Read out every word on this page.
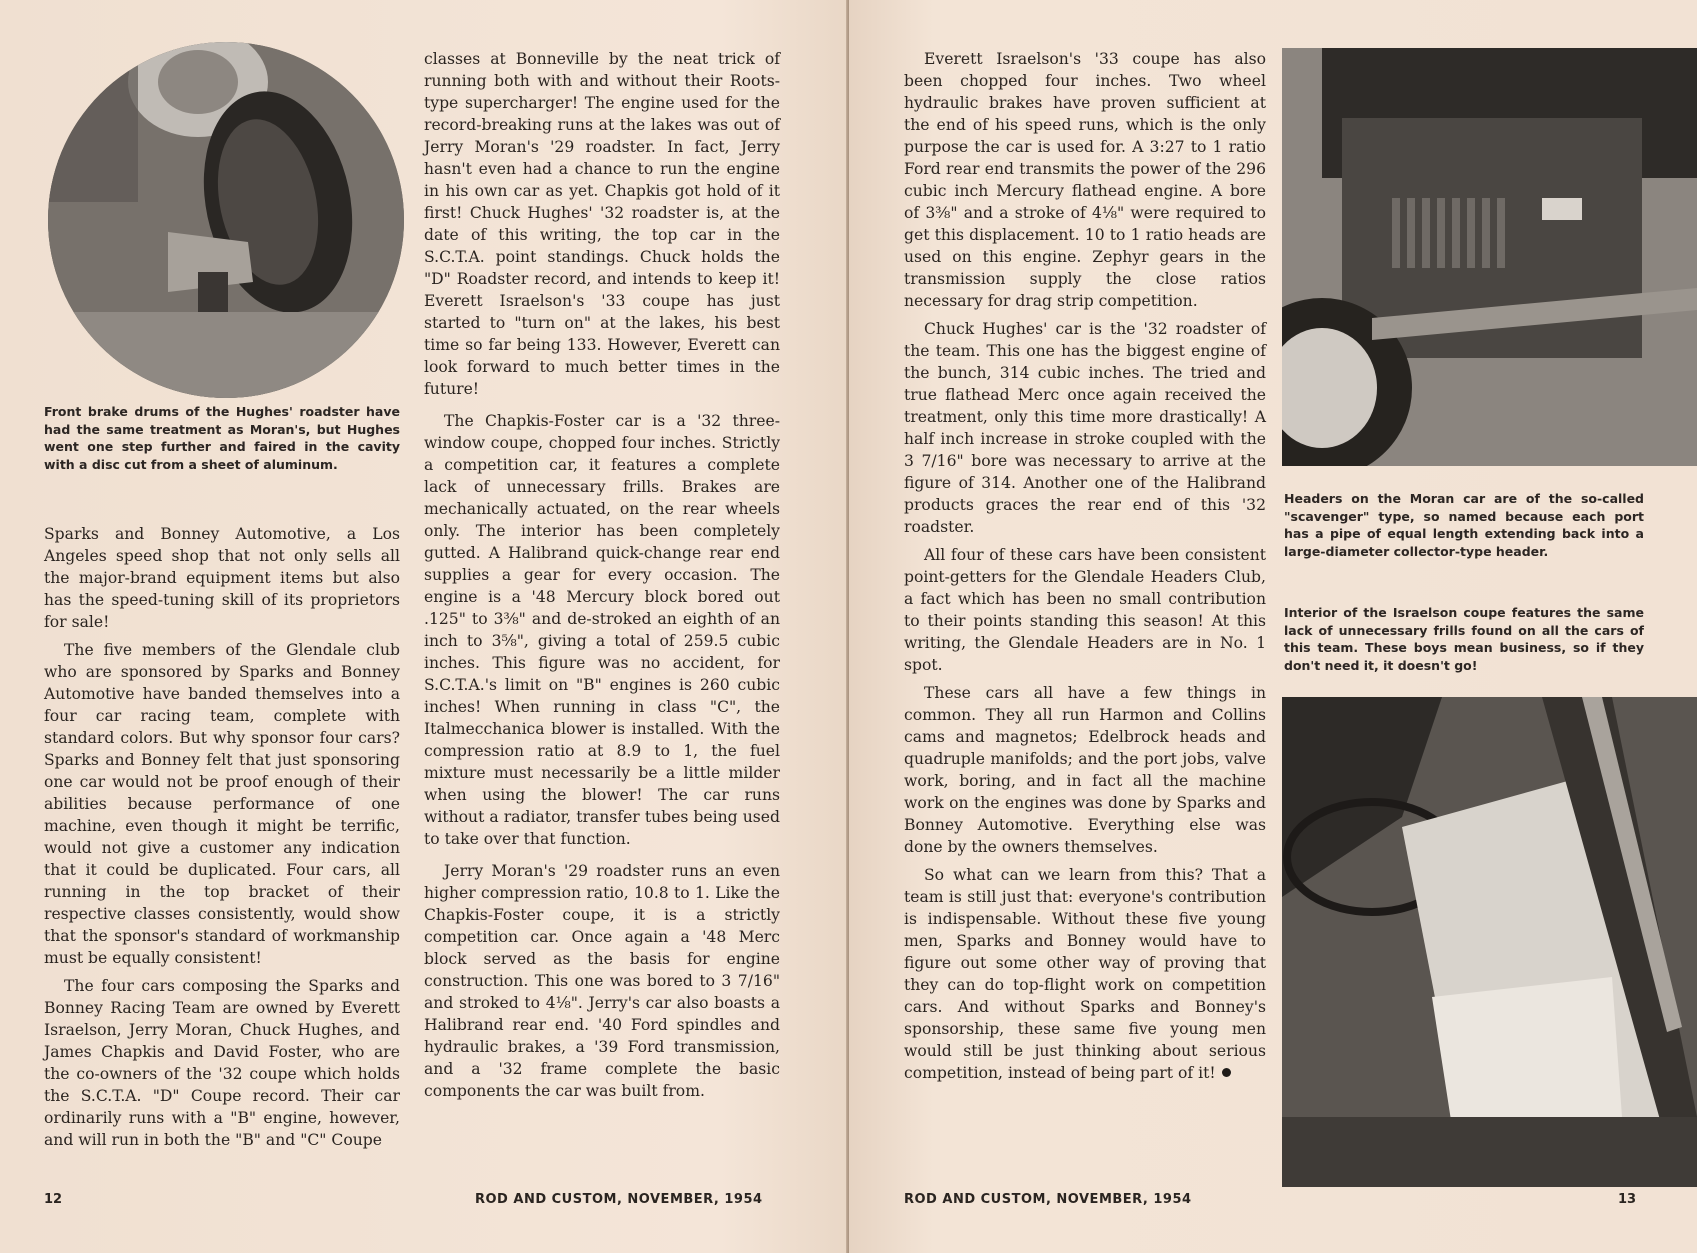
Front brake drums of the Hughes' roadster have had the same treatment as Moran's, but Hughes went one step further and faired in the cavity with a disc cut from a sheet of aluminum.

Sparks and Bonney Automotive, a Los Angeles speed shop that not only sells all the major-brand equipment items but also has the speed-tuning skill of its proprietors for sale!

The five members of the Glendale club who are sponsored by Sparks and Bonney Automotive have banded themselves into a four car racing team, complete with standard colors. But why sponsor four cars? Sparks and Bonney felt that just sponsoring one car would not be proof enough of their abilities because performance of one machine, even though it might be terrific, would not give a customer any indication that it could be duplicated. Four cars, all running in the top bracket of their respective classes consistently, would show that the sponsor's standard of workmanship must be equally consistent!

The four cars composing the Sparks and Bonney Racing Team are owned by Everett Israelson, Jerry Moran, Chuck Hughes, and James Chapkis and David Foster, who are the co-owners of the '32 coupe which holds the S.C.T.A. "D" Coupe record. Their car ordinarily runs with a "B" engine, however, and will run in both the "B" and "C" Coupe

classes at Bonneville by the neat trick of running both with and without their Roots-type supercharger! The engine used for the record-breaking runs at the lakes was out of Jerry Moran's '29 roadster. In fact, Jerry hasn't even had a chance to run the engine in his own car as yet. Chapkis got hold of it first! Chuck Hughes' '32 roadster is, at the date of this writing, the top car in the S.C.T.A. point standings. Chuck holds the "D" Roadster record, and intends to keep it! Everett Israelson's '33 coupe has just started to "turn on" at the lakes, his best time so far being 133. However, Everett can look forward to much better times in the future!

The Chapkis-Foster car is a '32 three-window coupe, chopped four inches. Strictly a competition car, it features a complete lack of unnecessary frills. Brakes are mechanically actuated, on the rear wheels only. The interior has been completely gutted. A Halibrand quick-change rear end supplies a gear for every occasion. The engine is a '48 Mercury block bored out .125" to 3⅜" and de-stroked an eighth of an inch to 3⅝", giving a total of 259.5 cubic inches. This figure was no accident, for S.C.T.A.'s limit on "B" engines is 260 cubic inches! When running in class "C", the Italmecchanica blower is installed. With the compression ratio at 8.9 to 1, the fuel mixture must necessarily be a little milder when using the blower! The car runs without a radiator, transfer tubes being used to take over that function.

Jerry Moran's '29 roadster runs an even higher compression ratio, 10.8 to 1. Like the Chapkis-Foster coupe, it is a strictly competition car. Once again a '48 Merc block served as the basis for engine construction. This one was bored to 3 7/16" and stroked to 4⅛". Jerry's car also boasts a Halibrand rear end. '40 Ford spindles and hydraulic brakes, a '39 Ford transmission, and a '32 frame complete the basic components the car was built from.

12	ROD AND CUSTOM, NOVEMBER, 1954

Everett Israelson's '33 coupe has also been chopped four inches. Two wheel hydraulic brakes have proven sufficient at the end of his speed runs, which is the only purpose the car is used for. A 3:27 to 1 ratio Ford rear end transmits the power of the 296 cubic inch Mercury flathead engine. A bore of 3⅜" and a stroke of 4⅛" were required to get this displacement. 10 to 1 ratio heads are used on this engine. Zephyr gears in the transmission supply the close ratios necessary for drag strip competition.

Chuck Hughes' car is the '32 roadster of the team. This one has the biggest engine of the bunch, 314 cubic inches. The tried and true flathead Merc once again received the treatment, only this time more drastically! A half inch increase in stroke coupled with the 3 7/16" bore was necessary to arrive at the figure of 314. Another one of the Halibrand products graces the rear end of this '32 roadster.

All four of these cars have been consistent point-getters for the Glendale Headers Club, a fact which has been no small contribution to their points standing this season! At this writing, the Glendale Headers are in No. 1 spot.

These cars all have a few things in common. They all run Harmon and Collins cams and magnetos; Edelbrock heads and quadruple manifolds; and the port jobs, valve work, boring, and in fact all the machine work on the engines was done by Sparks and Bonney Automotive. Everything else was done by the owners themselves.

So what can we learn from this? That a team is still just that: everyone's contribution is indispensable. Without these five young men, Sparks and Bonney would have to figure out some other way of proving that they can do top-flight work on competition cars. And without Sparks and Bonney's sponsorship, these same five young men would still be just thinking about serious competition, instead of being part of it!

Headers on the Moran car are of the so-called "scavenger" type, so named because each port has a pipe of equal length extending back into a large-diameter collector-type header.
Interior of the Israelson coupe features the same lack of unnecessary frills found on all the cars of this team. These boys mean business, so if they don't need it, it doesn't go!
13
ROD AND CUSTOM, NOVEMBER, 1954
